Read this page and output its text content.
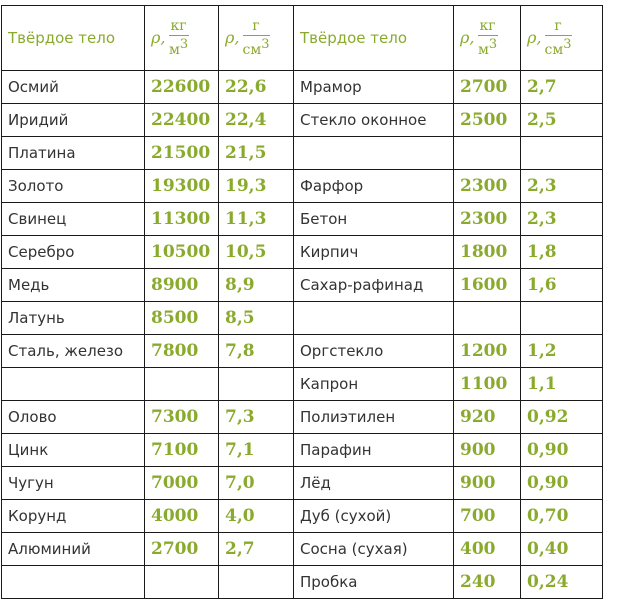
Твёрдое тело	ρ, $\frac{кг}{м^3}$	ρ, $\frac{г}{см^3}$	Твёрдое тело	ρ, $\frac{кг}{м^3}$	ρ, $\frac{г}{см^3}$

Осмий	22600	22,6	Мрамор	2700	2,7
Иридий	22400	22,4	Стекло оконное	2500	2,5
Платина	21500	21,5			
Золото	19300	19,3	Фарфор	2300	2,3
Свинец	11300	11,3	Бетон	2300	2,3
Серебро	10500	10,5	Кирпич	1800	1,8
Медь	8900	8,9	Сахар-рафинад	1600	1,6
Латунь	8500	8,5			
Сталь, железо	7800	7,8	Оргстекло	1200	1,2
			Капрон	1100	1,1
Олово	7300	7,3	Полиэтилен	920	0,92
Цинк	7100	7,1	Парафин	900	0,90
Чугун	7000	7,0	Лёд	900	0,90
Корунд	4000	4,0	Дуб (сухой)	700	0,70
Алюминий	2700	2,7	Сосна (сухая)	400	0,40
			Пробка	240	0,24
